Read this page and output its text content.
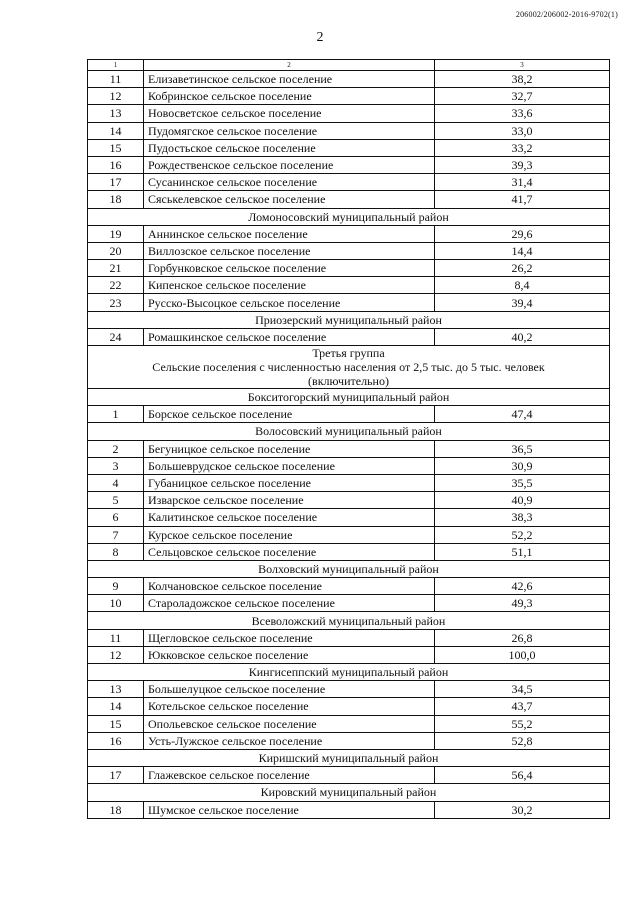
206002/206002-2016-9702(1)
2
1	2	3
11	Елизаветинское сельское поселение	38,2
12	Кобринское сельское поселение	32,7
13	Новосветское сельское поселение	33,6
14	Пудомягское сельское поселение	33,0
15	Пудостьское сельское поселение	33,2
16	Рождественское сельское поселение	39,3
17	Сусанинское сельское поселение	31,4
18	Сяськелевское сельское поселение	41,7
Ломоносовский муниципальный район		
19	Аннинское сельское поселение	29,6
20	Виллозское сельское поселение	14,4
21	Горбунковское сельское поселение	26,2
22	Кипенское сельское поселение	8,4
23	Русско-Высоцкое сельское поселение	39,4
Приозерский муниципальный район		
24	Ромашкинское сельское поселение	40,2

Третья группа
Сельские поселения с численностью населения от 2,5 тыс. до 5 тыс. человек
(включительно)		

Бокситогорский муниципальный район		
1	Борское сельское поселение	47,4
Волосовский муниципальный район		
2	Бегуницкое сельское поселение	36,5
3	Большеврудское сельское поселение	30,9
4	Губаницкое сельское поселение	35,5
5	Изварское сельское поселение	40,9
6	Калитинское сельское поселение	38,3
7	Курское сельское поселение	52,2
8	Сельцовское сельское поселение	51,1
Волховский муниципальный район		
9	Колчановское сельское поселение	42,6
10	Староладожское сельское поселение	49,3
Всеволожский муниципальный район		
11	Щегловское сельское поселение	26,8
12	Юкковское сельское поселение	100,0
Кингисеппский муниципальный район		
13	Большелуцкое сельское поселение	34,5
14	Котельское сельское поселение	43,7
15	Опольевское сельское поселение	55,2
16	Усть-Лужское сельское поселение	52,8
Киришский муниципальный район		
17	Глажевское сельское поселение	56,4
Кировский муниципальный район		
18	Шумское сельское поселение	30,2
